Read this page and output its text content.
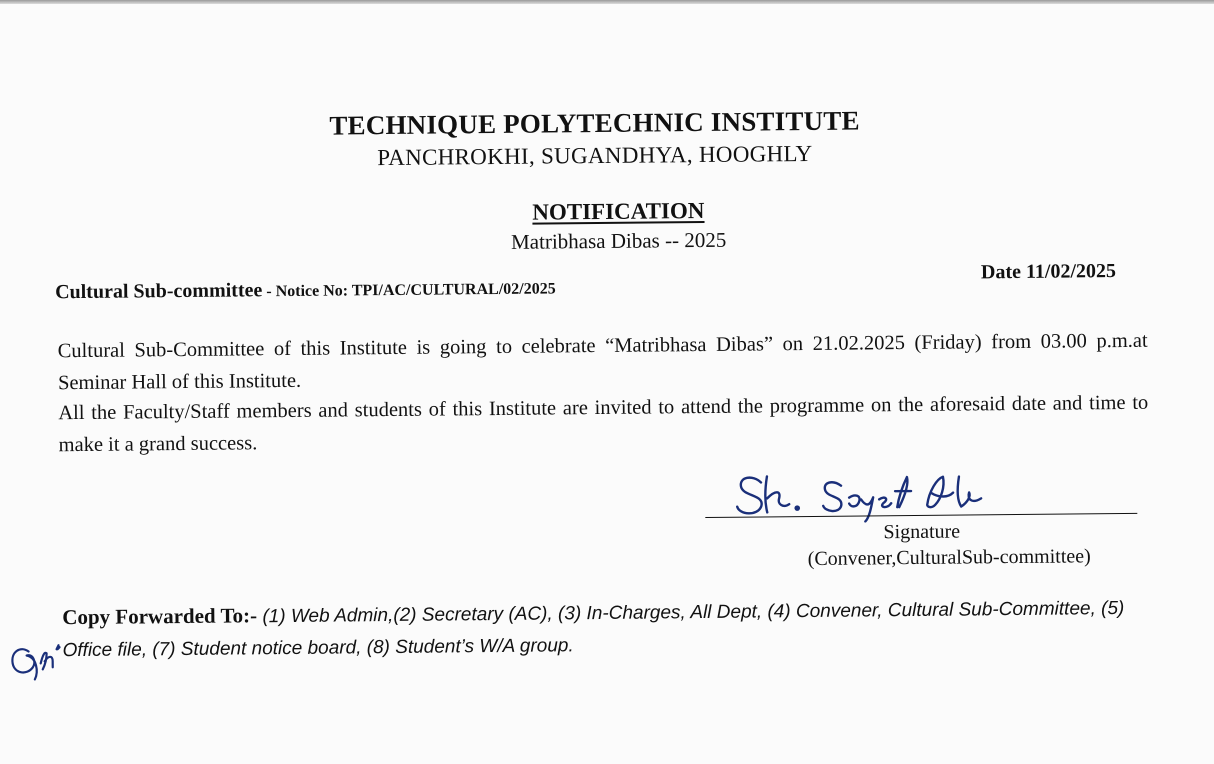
TECHNIQUE POLYTECHNIC INSTITUTE
PANCHROKHI, SUGANDHYA, HOOGHLY
NOTIFICATION
Matribhasa Dibas -- 2025
Cultural Sub-committee - Notice No: TPI/AC/CULTURAL/02/2025
Date 11/02/2025
Cultural Sub-Committee of this Institute is going to celebrate “Matribhasa Dibas” on 21.02.2025 (Friday) from 03.00 p.m.at Seminar Hall of this Institute.
All the Faculty/Staff members and students of this Institute are invited to attend the programme on the aforesaid date and time to make it a grand success.
Signature
(Convener,CulturalSub-committee)
Copy Forwarded To:- (1) Web Admin,(2) Secretary (AC), (3) In-Charges, All Dept, (4) Convener, Cultural Sub-Committee, (5) Office file, (7) Student notice board, (8) Student’s W/A group.
